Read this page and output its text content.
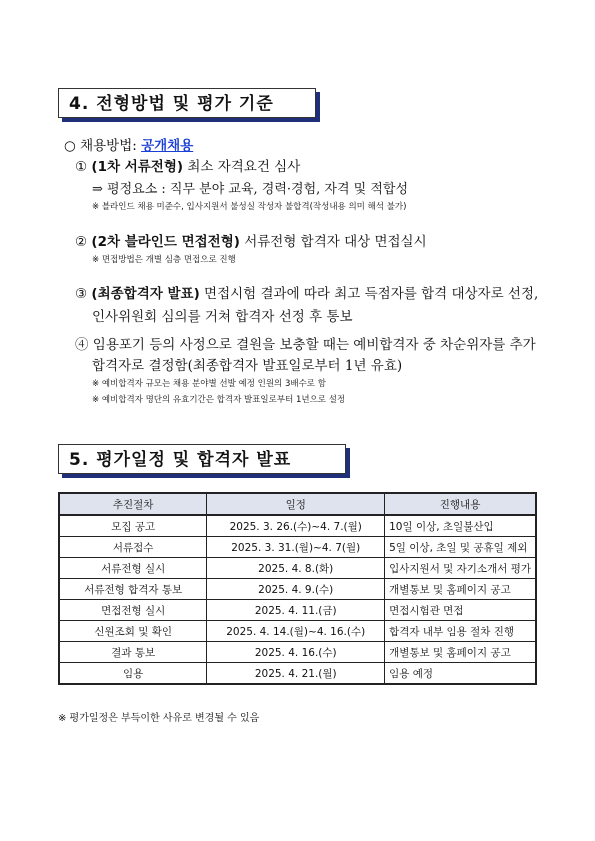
4. 전형방법 및 평가 기준
○ 채용방법: 공개채용
① (1차 서류전형) 최소 자격요건 심사
⇒ 평정요소 : 직무 분야 교육, 경력·경험, 자격 및 적합성
※ 블라인드 채용 미준수, 입사지원서 불성실 작성자 불합격(작성내용 의미 해석 불가)
② (2차 블라인드 면접전형) 서류전형 합격자 대상 면접실시
※ 면접방법은 개별 심층 면접으로 진행
③ (최종합격자 발표) 면접시험 결과에 따라 최고 득점자를 합격 대상자로 선정,
인사위원회 심의를 거쳐 합격자 선정 후 통보
④ 임용포기 등의 사정으로 결원을 보충할 때는 예비합격자 중 차순위자를 추가
합격자로 결정함(최종합격자 발표일로부터 1년 유효)
※ 예비합격자 규모는 채용 분야별 선발 예정 인원의 3배수로 함
※ 예비합격자 명단의 유효기간은 합격자 발표일로부터 1년으로 설정
5. 평가일정 및 합격자 발표
추진절차	일정	진행내용
모집 공고	2025. 3. 26.(수)~4. 7.(월)	10일 이상, 초일불산입
서류접수	2025. 3. 31.(월)~4. 7(월)	5일 이상, 초일 및 공휴일 제외
서류전형 실시	2025. 4. 8.(화)	입사지원서 및 자기소개서 평가
서류전형 합격자 통보	2025. 4. 9.(수)	개별통보 및 홈페이지 공고
면접전형 실시	2025. 4. 11.(금)	면접시험관 면접
신원조회 및 확인	2025. 4. 14.(월)~4. 16.(수)	합격자 내부 임용 절차 진행
결과 통보	2025. 4. 16.(수)	개별통보 및 홈페이지 공고
임용	2025. 4. 21.(월)	임용 예정
※ 평가일정은 부득이한 사유로 변경될 수 있음
